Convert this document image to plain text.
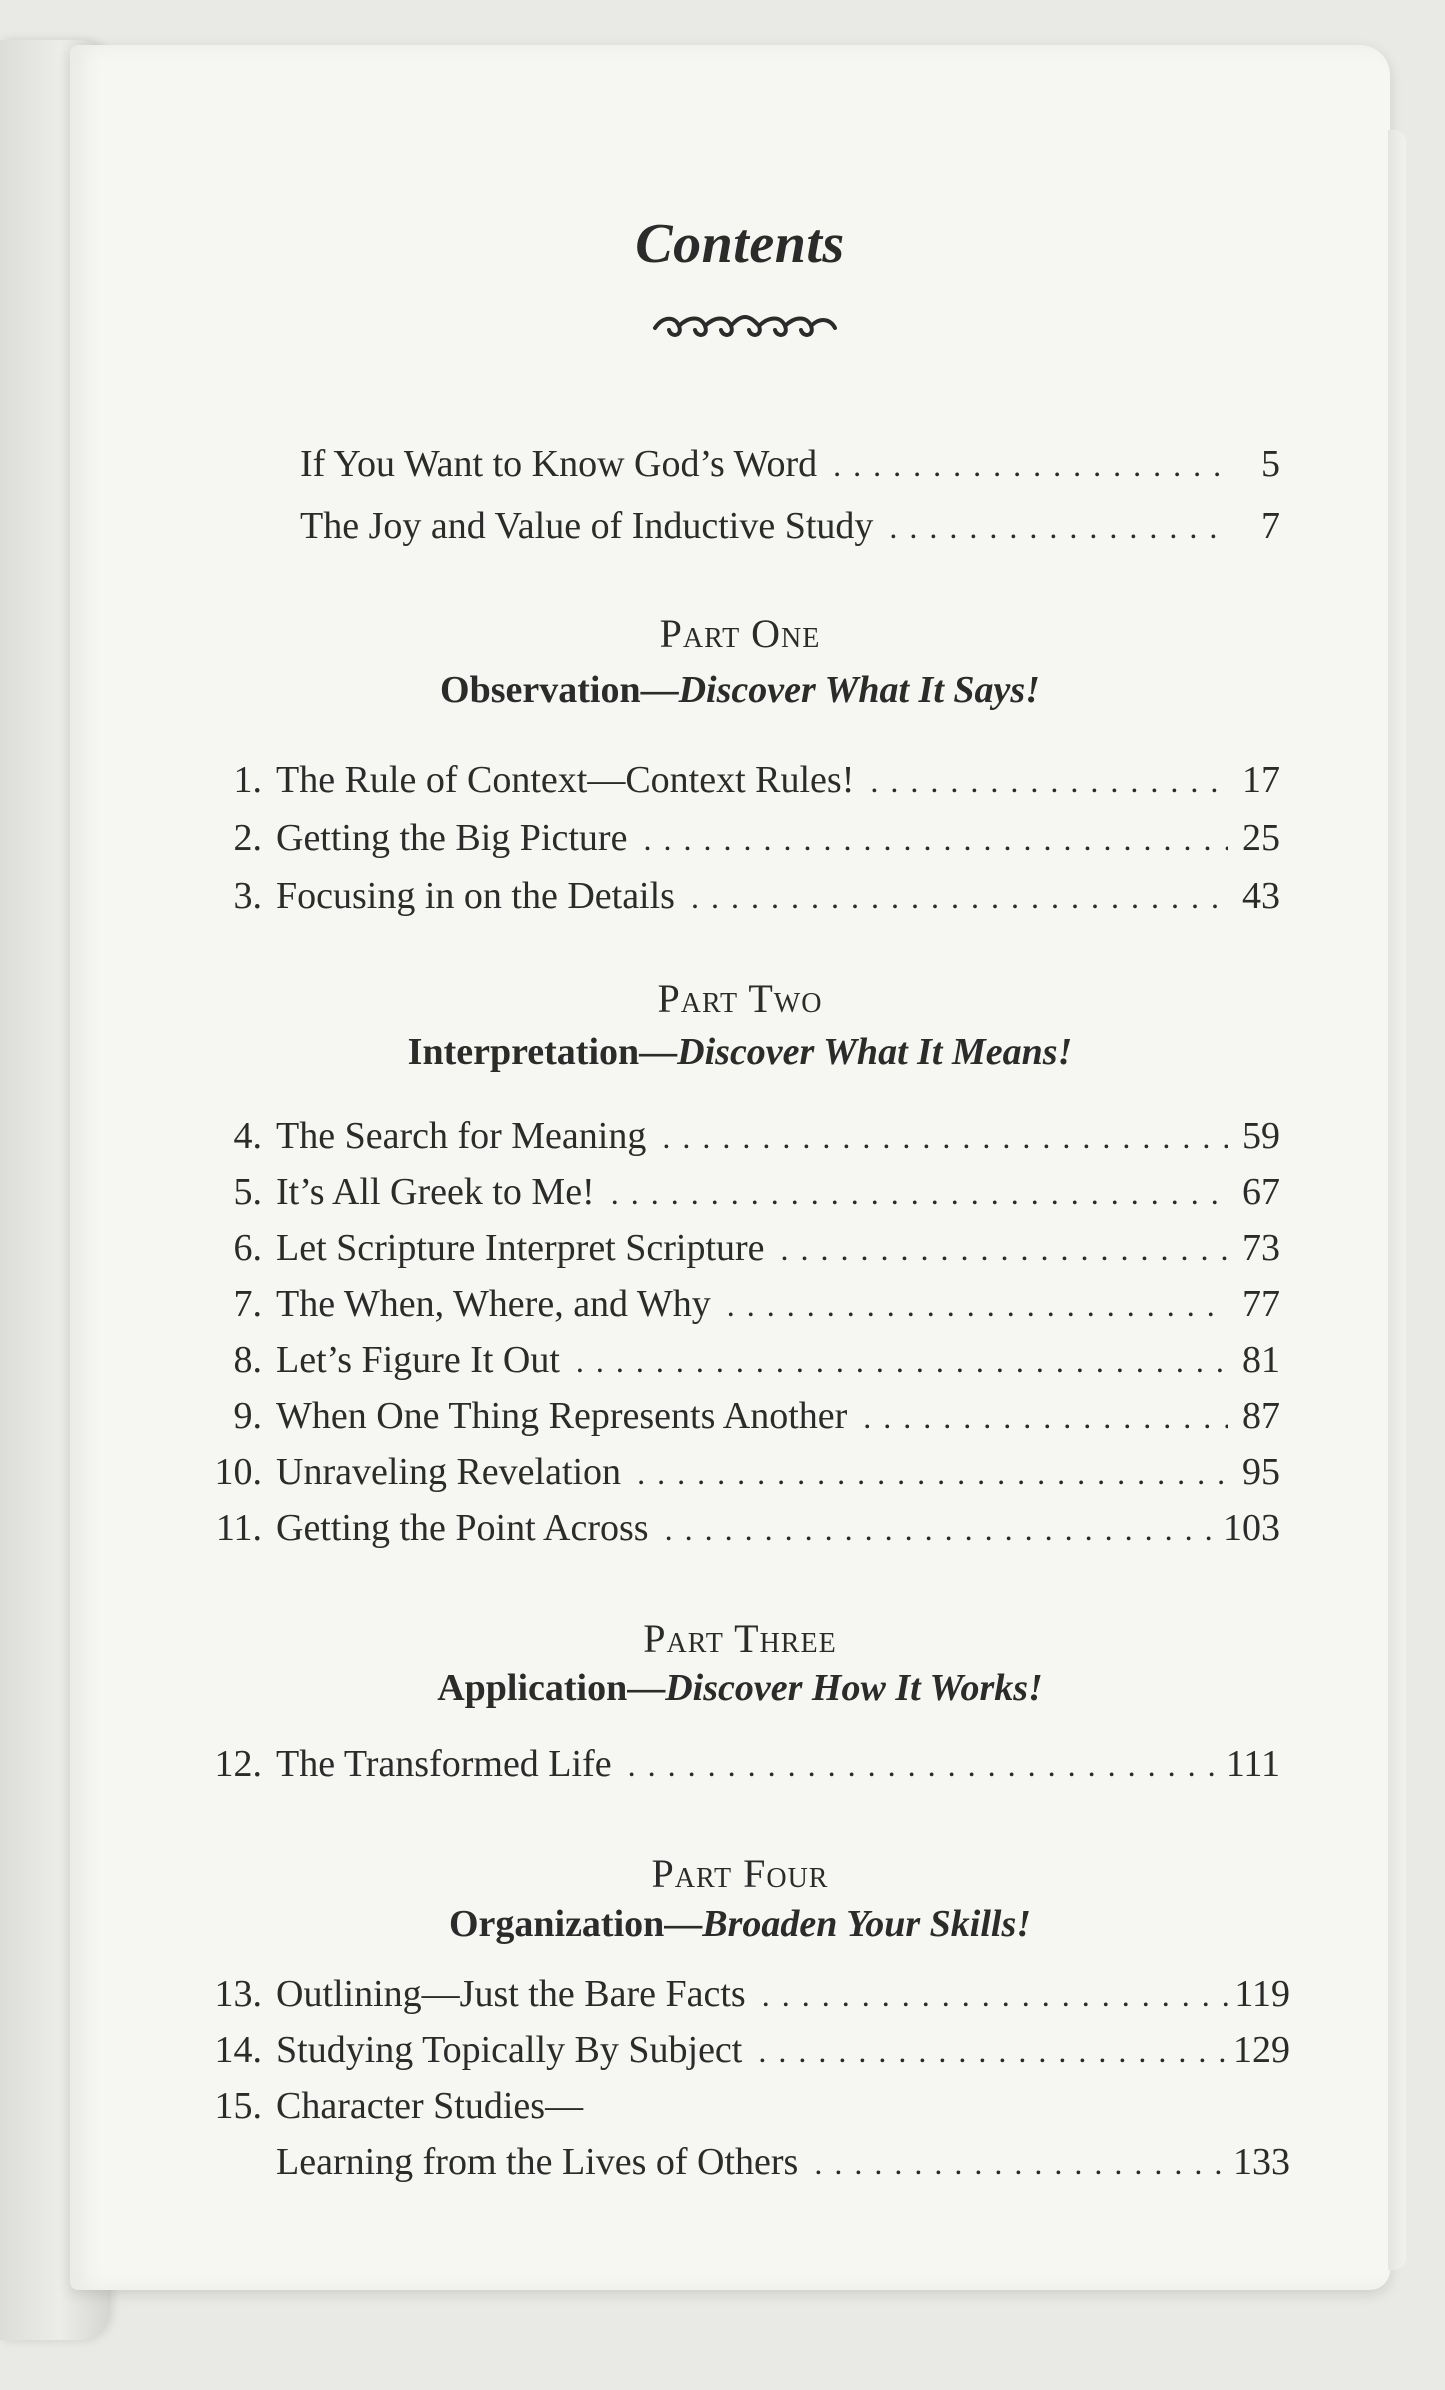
Contents
If You Want to Know God’s Word . . .	5
The Joy and Value of Inductive Study . . .	7
Part One
Observation—Discover What It Says!
1. The Rule of Context—Context Rules! . . .	17
2. Getting the Big Picture . . .	25
3. Focusing in on the Details . . .	43
Part Two
Interpretation—Discover What It Means!
4. The Search for Meaning . . .	59
5. It’s All Greek to Me! . . .	67
6. Let Scripture Interpret Scripture . . .	73
7. The When, Where, and Why . . .	77
8. Let’s Figure It Out . . .	81
9. When One Thing Represents Another . . .	87
10. Unraveling Revelation . . .	95
11. Getting the Point Across . . .	103
Part Three
Application—Discover How It Works!
12. The Transformed Life . . .	111
Part Four
Organization—Broaden Your Skills!
13. Outlining—Just the Bare Facts . . .	119
14. Studying Topically By Subject . . .	129
15. Character Studies—
Learning from the Lives of Others . . .	133
